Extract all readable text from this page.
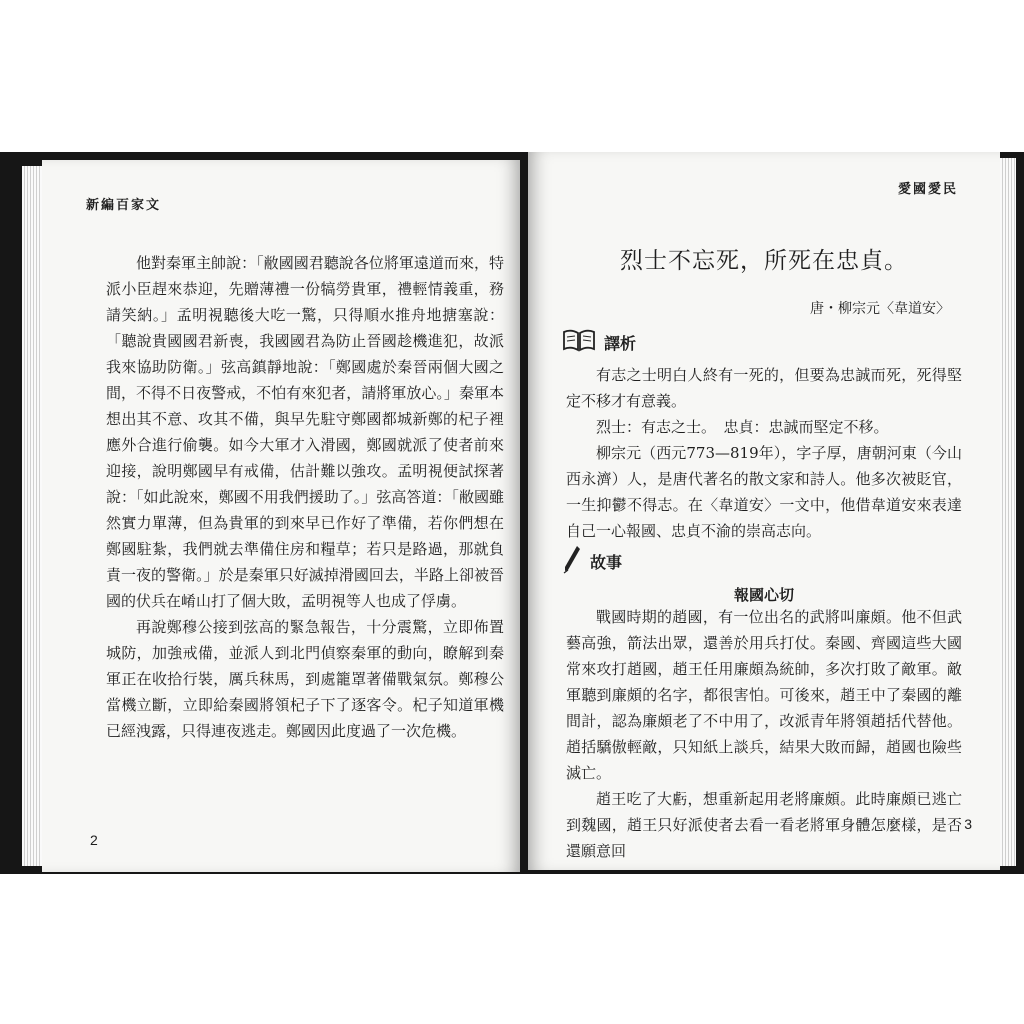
新編百家文

他對秦軍主帥說：「敝國國君聽說各位將軍遠道而來，特派小臣趕來恭迎，先贈薄禮一份犒勞貴軍，禮輕情義重，務請笑納。」孟明視聽後大吃一驚，只得順水推舟地搪塞說：「聽說貴國國君新喪，我國國君為防止晉國趁機進犯，故派我來協助防衛。」弦高鎮靜地說：「鄭國處於秦晉兩個大國之間，不得不日夜警戒，不怕有來犯者，請將軍放心。」秦軍本想出其不意、攻其不備，與早先駐守鄭國都城新鄭的杞子裡應外合進行偷襲。如今大軍才入滑國，鄭國就派了使者前來迎接，說明鄭國早有戒備，估計難以強攻。孟明視便試探著說：「如此說來，鄭國不用我們援助了。」弦高答道：「敝國雖然實力單薄，但為貴軍的到來早已作好了準備，若你們想在鄭國駐紮，我們就去準備住房和糧草；若只是路過，那就負責一夜的警衛。」於是秦軍只好滅掉滑國回去，半路上卻被晉國的伏兵在崤山打了個大敗，孟明視等人也成了俘虜。

再說鄭穆公接到弦高的緊急報告，十分震驚，立即佈置城防，加強戒備，並派人到北門偵察秦軍的動向，瞭解到秦軍正在收拾行裝，厲兵秣馬，到處籠罩著備戰氣氛。鄭穆公當機立斷，立即給秦國將領杞子下了逐客令。杞子知道軍機已經洩露，只得連夜逃走。鄭國因此度過了一次危機。

2
愛國愛民
烈士不忘死，所死在忠貞。
唐・柳宗元〈韋道安〉
譯析

有志之士明白人終有一死的，但要為忠誠而死，死得堅定不移才有意義。

烈士：有志之士。　忠貞：忠誠而堅定不移。

柳宗元（西元773—819年），字子厚，唐朝河東（今山西永濟）人，是唐代著名的散文家和詩人。他多次被貶官，一生抑鬱不得志。在〈韋道安〉一文中，他借韋道安來表達自己一心報國、忠貞不渝的崇高志向。

故事
報國心切

戰國時期的趙國，有一位出名的武將叫廉頗。他不但武藝高強，箭法出眾，還善於用兵打仗。秦國、齊國這些大國常來攻打趙國，趙王任用廉頗為統帥，多次打敗了敵軍。敵軍聽到廉頗的名字，都很害怕。可後來，趙王中了秦國的離間計，認為廉頗老了不中用了，改派青年將領趙括代替他。趙括驕傲輕敵，只知紙上談兵，結果大敗而歸，趙國也險些滅亡。

趙王吃了大虧，想重新起用老將廉頗。此時廉頗已逃亡到魏國，趙王只好派使者去看一看老將軍身體怎麼樣，是否還願意回

3
